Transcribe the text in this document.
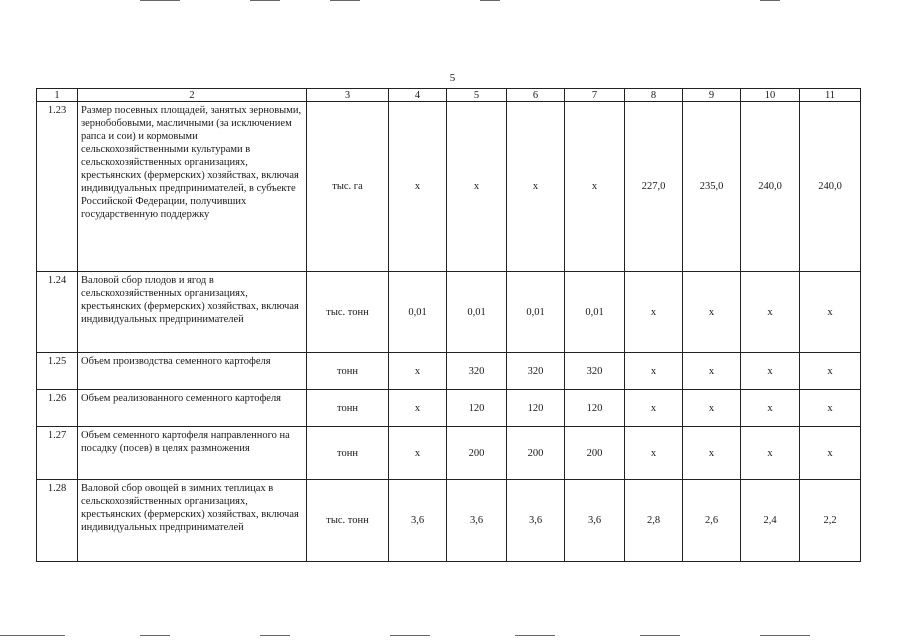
5
1	2	3	4	5	6	7	8	9	10	11
1.23	Размер посевных площадей, занятых зерновыми, зернобобовыми, масличными (за исключением рапса и сои) и кормовыми сельскохозяйственными культурами в сельскохозяйственных организациях, крестьянских (фермерских) хозяйствах, включая индивидуальных предпринимателей, в субъекте Российской Федерации, получивших государственную поддержку	тыс. га	х	х	х	х	227,0	235,0	240,0	240,0
1.24	Валовой сбор плодов и ягод в сельскохозяйственных организациях, крестьянских (фермерских) хозяйствах, включая индивидуальных предпринимателей	тыс. тонн	0,01	0,01	0,01	0,01	х	х	х	х
1.25	Объем производства семенного картофеля	тонн	х	320	320	320	х	х	х	х
1.26	Объем реализованного семенного картофеля	тонн	х	120	120	120	х	х	х	х
1.27	Объем семенного картофеля направленного на посадку (посев) в целях размножения	тонн	х	200	200	200	х	х	х	х
1.28	Валовой сбор овощей в зимних теплицах в сельскохозяйственных организациях, крестьянских (фермерских) хозяйствах, включая индивидуальных предпринимателей	тыс. тонн	3,6	3,6	3,6	3,6	2,8	2,6	2,4	2,2
